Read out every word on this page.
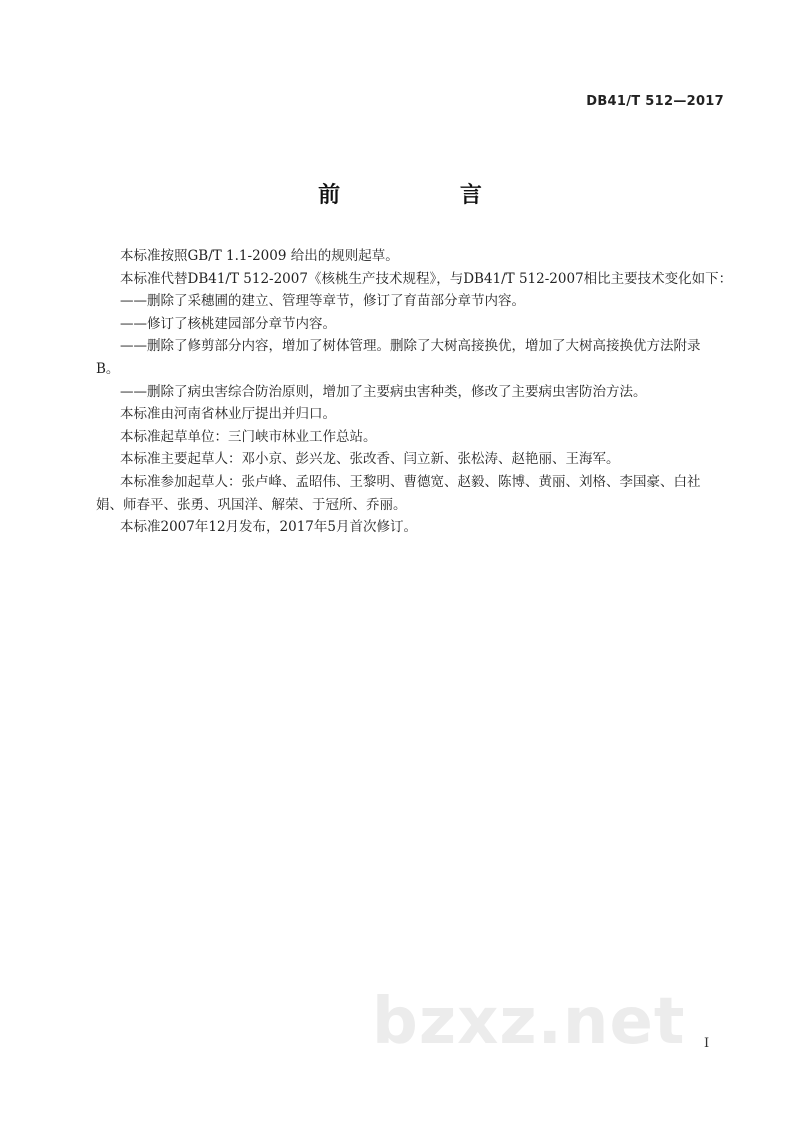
DB41/T 512—2017
前 言

本标准按照GB/T 1.1-2009 给出的规则起草。

本标准代替DB41/T 512-2007《核桃生产技术规程》，与DB41/T 512-2007相比主要技术变化如下：

——删除了采穗圃的建立、管理等章节，修订了育苗部分章节内容。

——修订了核桃建园部分章节内容。

——删除了修剪部分内容，增加了树体管理。删除了大树高接换优，增加了大树高接换优方法附录

B。

——删除了病虫害综合防治原则，增加了主要病虫害种类，修改了主要病虫害防治方法。

本标准由河南省林业厅提出并归口。

本标准起草单位：三门峡市林业工作总站。

本标准主要起草人：邓小京、彭兴龙、张改香、闫立新、张松涛、赵艳丽、王海军。

本标准参加起草人：张卢峰、孟昭伟、王黎明、曹德宽、赵毅、陈博、黄丽、刘格、李国豪、白社

娟、师春平、张勇、巩国洋、解荣、于冠所、乔丽。

本标准2007年12月发布，2017年5月首次修订。

bzxz.net I
